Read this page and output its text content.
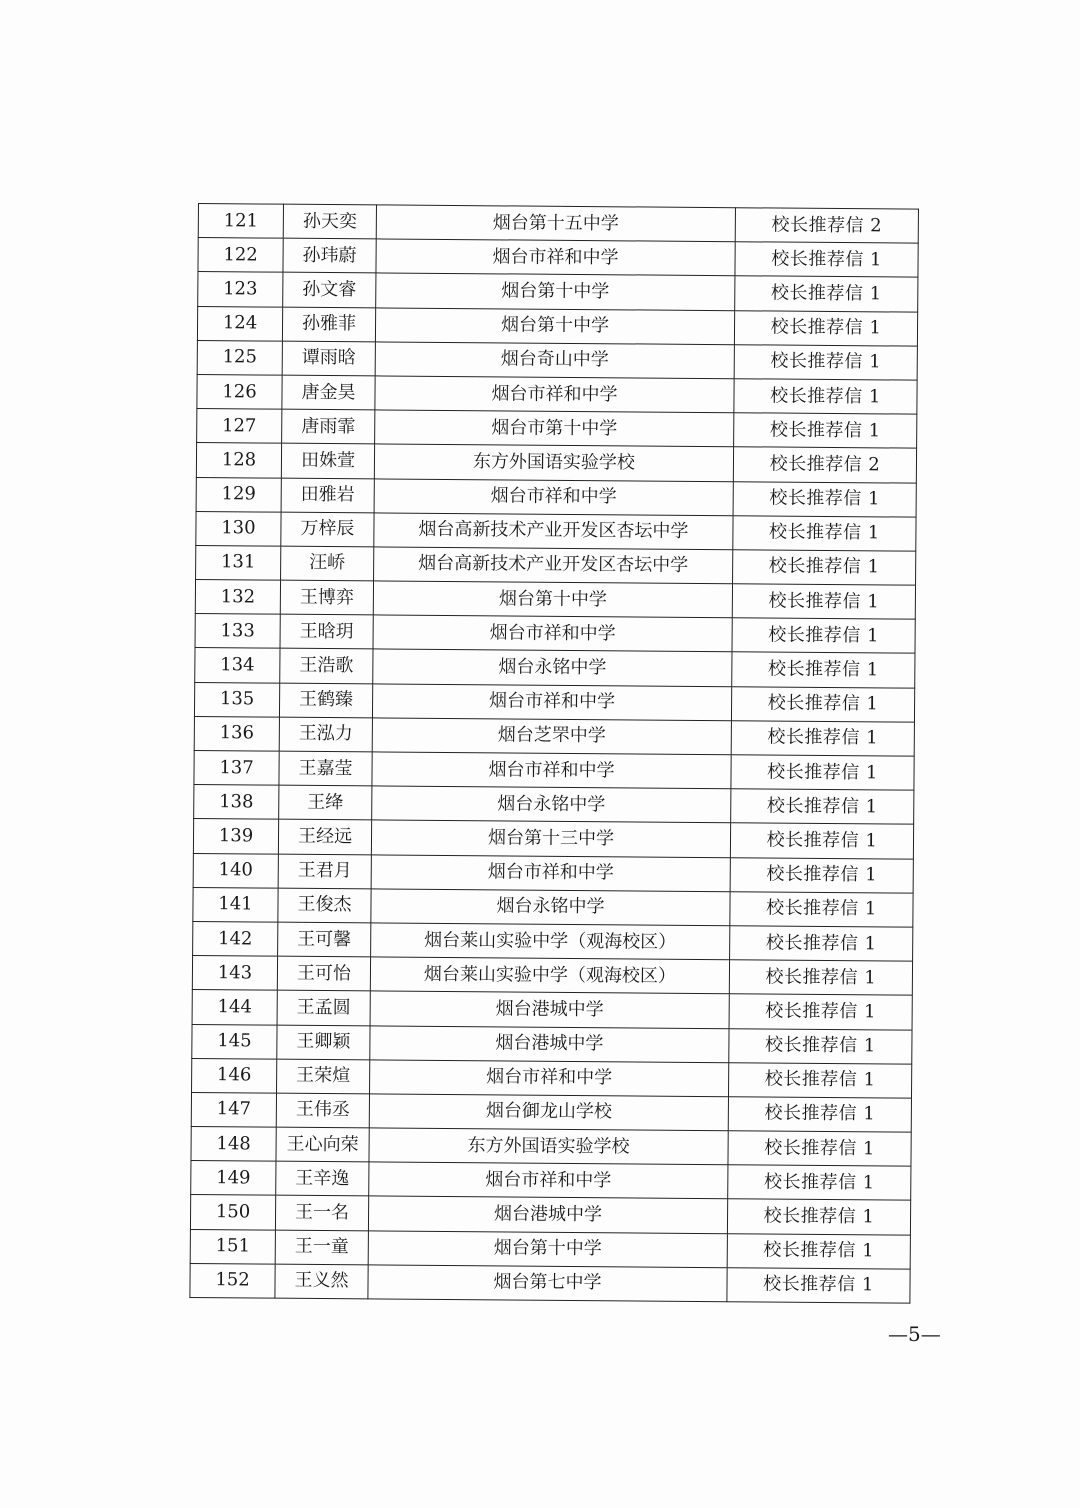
121	孙天奕	烟台第十五中学	校长推荐信 2
122	孙玮蔚	烟台市祥和中学	校长推荐信 1
123	孙文睿	烟台第十中学	校长推荐信 1
124	孙雅菲	烟台第十中学	校长推荐信 1
125	谭雨晗	烟台奇山中学	校长推荐信 1
126	唐金昊	烟台市祥和中学	校长推荐信 1
127	唐雨霏	烟台市第十中学	校长推荐信 1
128	田姝萱	东方外国语实验学校	校长推荐信 2
129	田雅岩	烟台市祥和中学	校长推荐信 1
130	万梓辰	烟台高新技术产业开发区杏坛中学	校长推荐信 1
131	汪峤	烟台高新技术产业开发区杏坛中学	校长推荐信 1
132	王博弈	烟台第十中学	校长推荐信 1
133	王晗玥	烟台市祥和中学	校长推荐信 1
134	王浩歌	烟台永铭中学	校长推荐信 1
135	王鹤臻	烟台市祥和中学	校长推荐信 1
136	王泓力	烟台芝罘中学	校长推荐信 1
137	王嘉莹	烟台市祥和中学	校长推荐信 1
138	王绛	烟台永铭中学	校长推荐信 1
139	王经远	烟台第十三中学	校长推荐信 1
140	王君月	烟台市祥和中学	校长推荐信 1
141	王俊杰	烟台永铭中学	校长推荐信 1
142	王可馨	烟台莱山实验中学（观海校区）	校长推荐信 1
143	王可怡	烟台莱山实验中学（观海校区）	校长推荐信 1
144	王孟圆	烟台港城中学	校长推荐信 1
145	王卿颖	烟台港城中学	校长推荐信 1
146	王荣煊	烟台市祥和中学	校长推荐信 1
147	王伟丞	烟台御龙山学校	校长推荐信 1
148	王心向荣	东方外国语实验学校	校长推荐信 1
149	王辛逸	烟台市祥和中学	校长推荐信 1
150	王一名	烟台港城中学	校长推荐信 1
151	王一童	烟台第十中学	校长推荐信 1
152	王义然	烟台第七中学	校长推荐信 1
—5—
